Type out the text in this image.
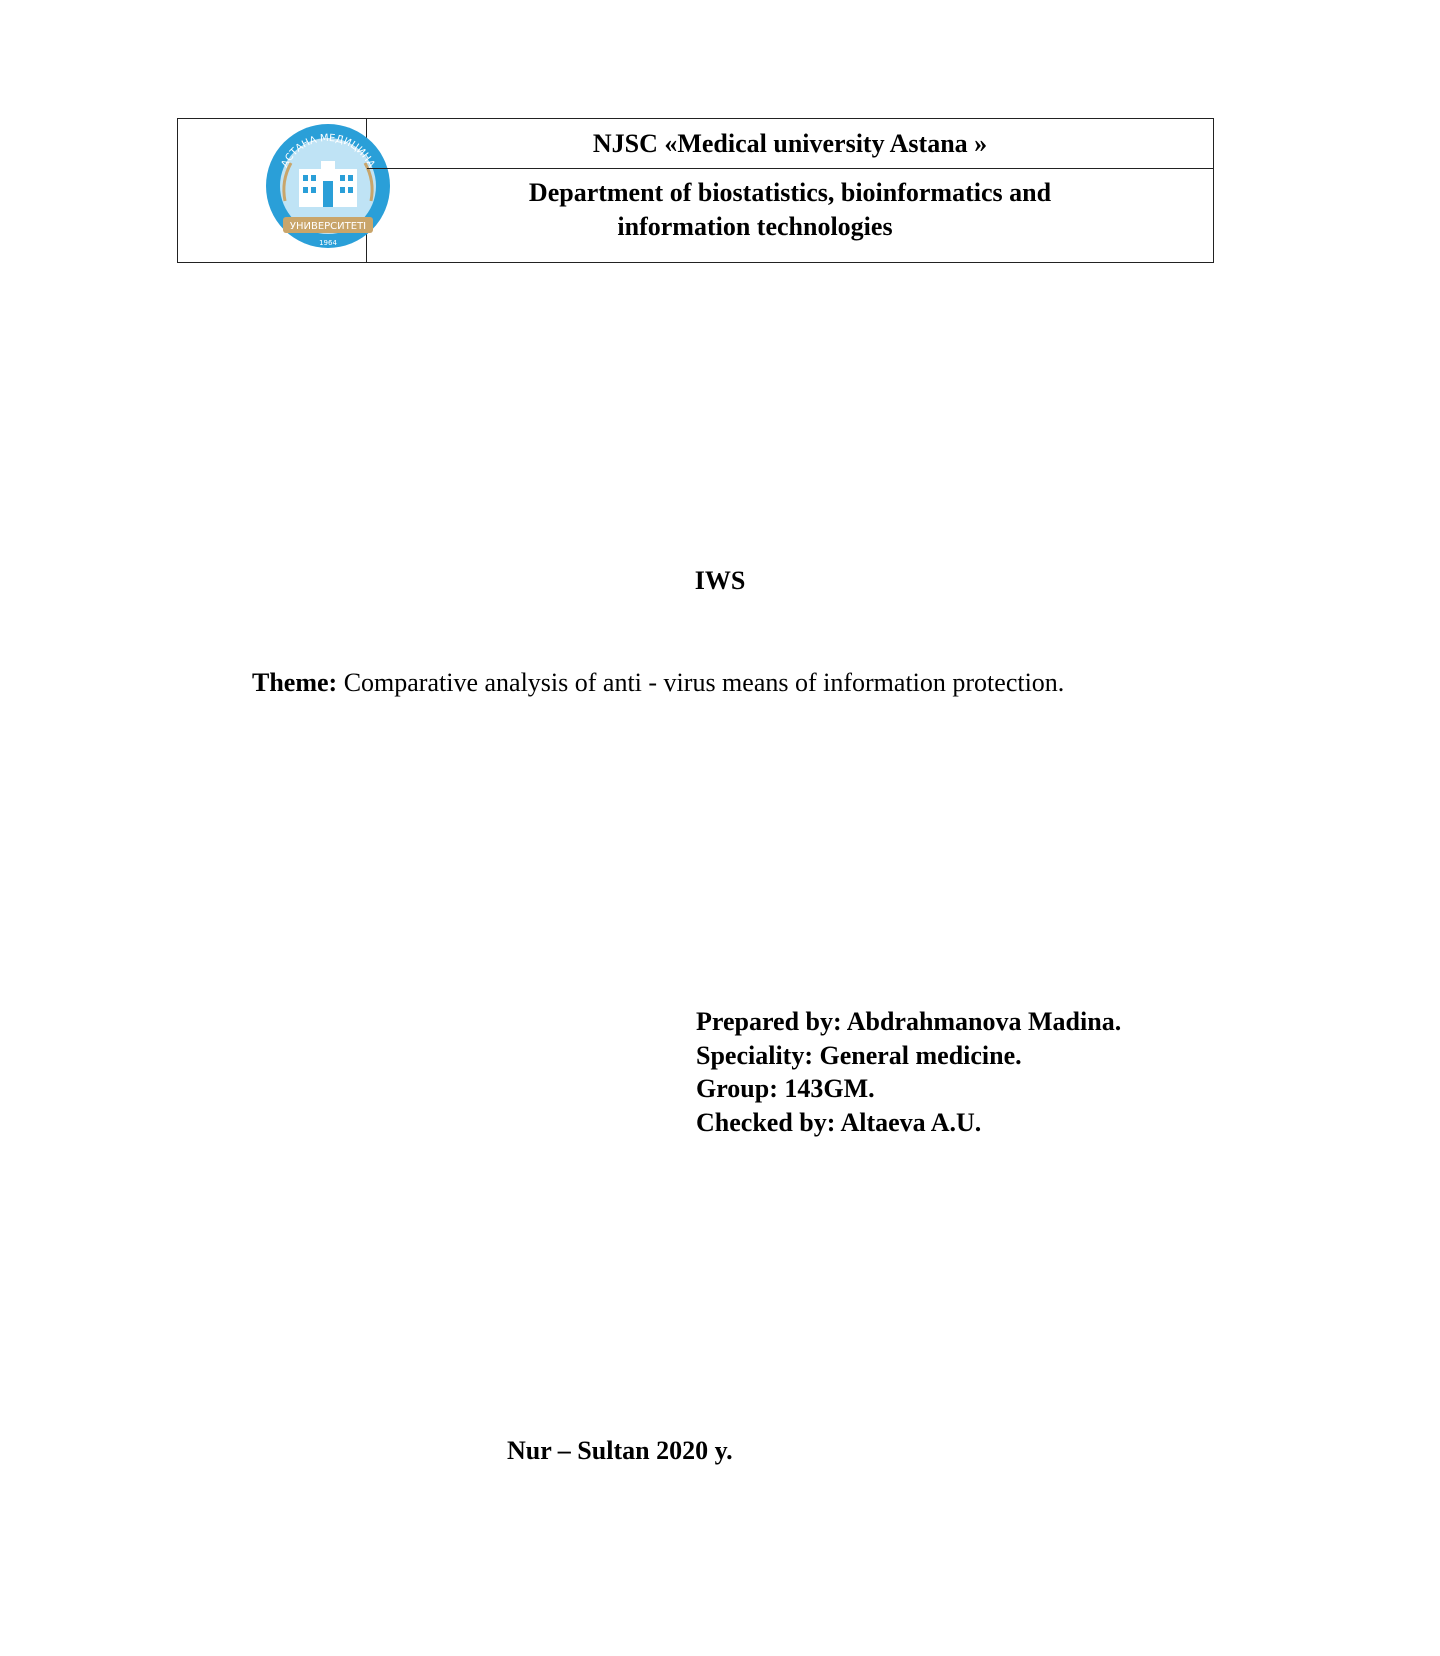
УНИВЕРСИТЕТІ
1964
АСТАНА МЕДИЦИНА
NJSC «Medical university Astana »
Department of biostatistics, bioinformatics and
information technologies
IWS
Theme: Comparative analysis of anti - virus means of information protection.
Prepared by: Abdrahmanova Madina.
Speciality: General medicine.
Group: 143GM.
Checked by: Altaeva A.U.
Nur – Sultan 2020 y.
